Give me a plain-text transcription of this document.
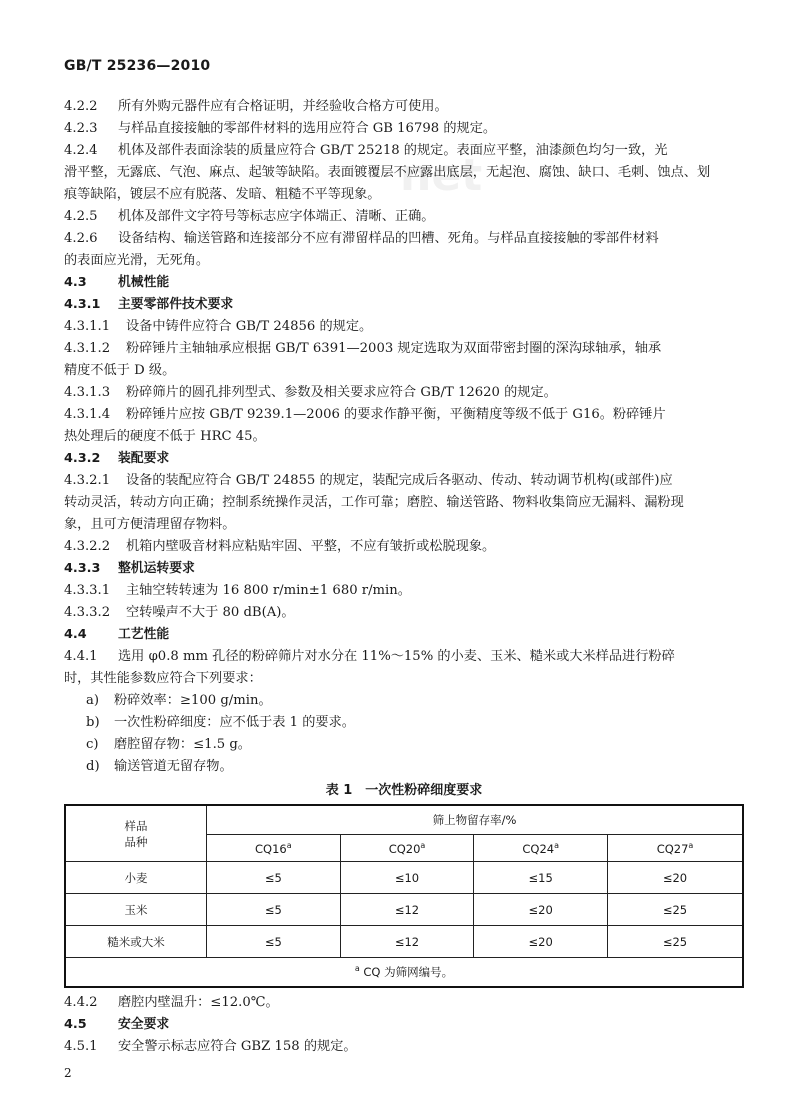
net
GB/T 25236—2010
4.2.2 所有外购元器件应有合格证明，并经验收合格方可使用。
4.2.3 与样品直接接触的零部件材料的选用应符合 GB 16798 的规定。
4.2.4 机体及部件表面涂装的质量应符合 GB/T 25218 的规定。表面应平整，油漆颜色均匀一致，光
滑平整，无露底、气泡、麻点、起皱等缺陷。表面镀覆层不应露出底层，无起泡、腐蚀、缺口、毛刺、蚀点、划
痕等缺陷，镀层不应有脱落、发暗、粗糙不平等现象。
4.2.5 机体及部件文字符号等标志应字体端正、清晰、正确。
4.2.6 设备结构、输送管路和连接部分不应有滞留样品的凹槽、死角。与样品直接接触的零部件材料
的表面应光滑，无死角。
4.3 机械性能
4.3.1 主要零部件技术要求
4.3.1.1 设备中铸件应符合 GB/T 24856 的规定。
4.3.1.2 粉碎锤片主轴轴承应根据 GB/T 6391—2003 规定选取为双面带密封圈的深沟球轴承，轴承
精度不低于 D 级。
4.3.1.3 粉碎筛片的圆孔排列型式、参数及相关要求应符合 GB/T 12620 的规定。
4.3.1.4 粉碎锤片应按 GB/T 9239.1—2006 的要求作静平衡，平衡精度等级不低于 G16。粉碎锤片
热处理后的硬度不低于 HRC 45。
4.3.2 装配要求
4.3.2.1 设备的装配应符合 GB/T 24855 的规定，装配完成后各驱动、传动、转动调节机构(或部件)应
转动灵活，转动方向正确；控制系统操作灵活，工作可靠；磨腔、输送管路、物料收集筒应无漏料、漏粉现
象，且可方便清理留存物料。
4.3.2.2 机箱内壁吸音材料应粘贴牢固、平整，不应有皱折或松脱现象。
4.3.3 整机运转要求
4.3.3.1 主轴空转转速为 16 800 r/min±1 680 r/min。
4.3.3.2 空转噪声不大于 80 dB(A)。
4.4 工艺性能
4.4.1 选用 φ0.8 mm 孔径的粉碎筛片对水分在 11%～15% 的小麦、玉米、糙米或大米样品进行粉碎
时，其性能参数应符合下列要求：
a) 粉碎效率：≥100 g/min。
b) 一次性粉碎细度：应不低于表 1 的要求。
c) 磨腔留存物：≤1.5 g。
d) 输送管道无留存物。
表 1　一次性粉碎细度要求
样品
品种	筛上物留存率/%			
	CQ16$^a$	CQ20$^a$	CQ24$^a$	CQ27$^a$
小麦	≤5	≤10	≤15	≤20
玉米	≤5	≤12	≤20	≤25
糙米或大米	≤5	≤12	≤20	≤25
$^a$ CQ 为筛网编号。				
4.4.2 磨腔内壁温升：≤12.0℃。
4.5 安全要求
4.5.1 安全警示标志应符合 GBZ 158 的规定。
2
